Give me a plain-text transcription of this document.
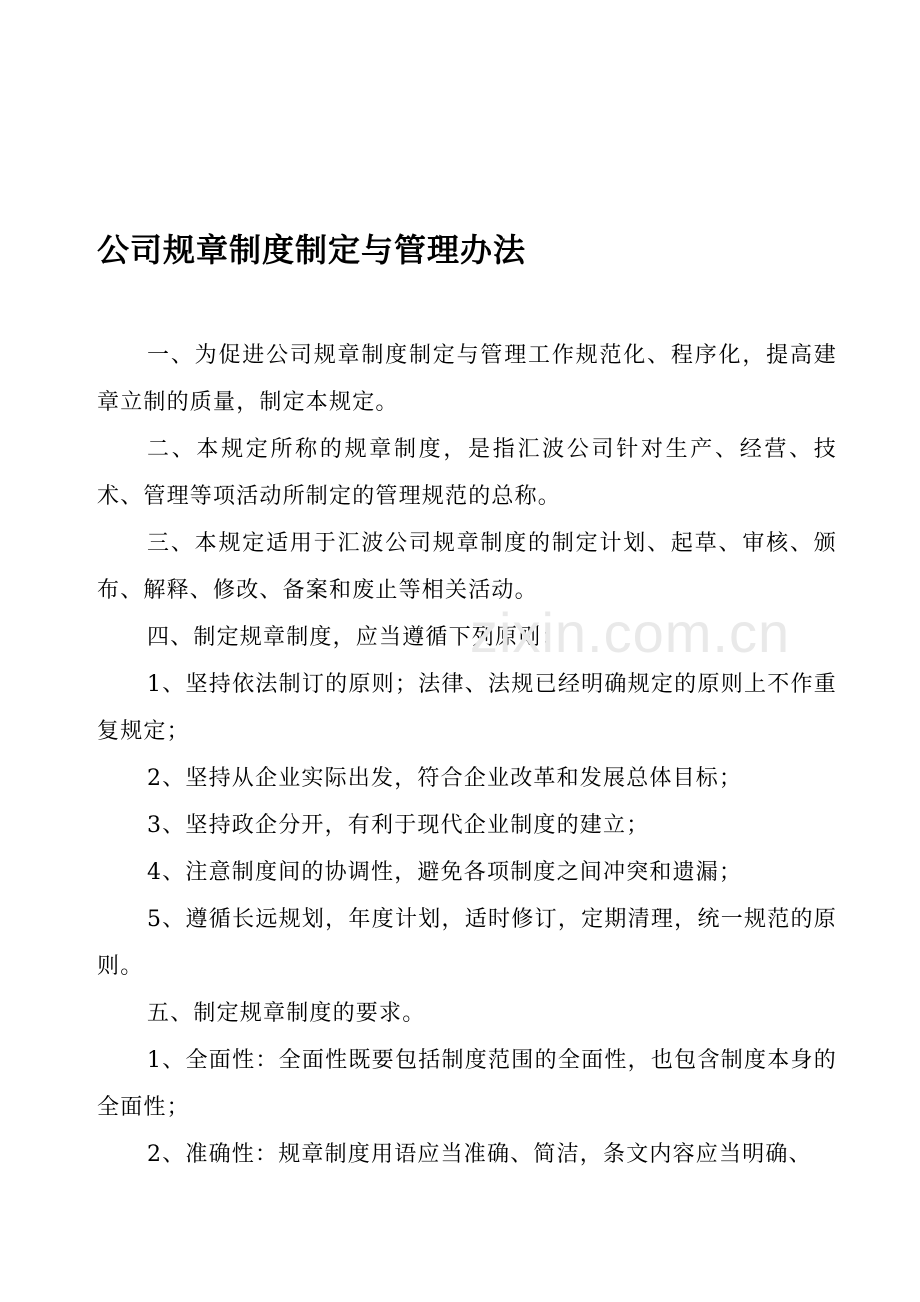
公司规章制度制定与管理办法

一、为促进公司规章制度制定与管理工作规范化、程序化，提高建章立制的质量，制定本规定。

二、本规定所称的规章制度，是指汇波公司针对生产、经营、技术、管理等项活动所制定的管理规范的总称。

三、本规定适用于汇波公司规章制度的制定计划、起草、审核、颁布、解释、修改、备案和废止等相关活动。

四、制定规章制度，应当遵循下列原则：

1、坚持依法制订的原则；法律、法规已经明确规定的原则上不作重复规定；

2、坚持从企业实际出发，符合企业改革和发展总体目标；

3、坚持政企分开，有利于现代企业制度的建立；

4、注意制度间的协调性，避免各项制度之间冲突和遗漏；

5、遵循长远规划，年度计划，适时修订，定期清理，统一规范的原则。

五、制定规章制度的要求。

1、全面性：全面性既要包括制度范围的全面性，也包含制度本身的全面性；

2、准确性：规章制度用语应当准确、简洁，条文内容应当明确、

zixin.com.cn
